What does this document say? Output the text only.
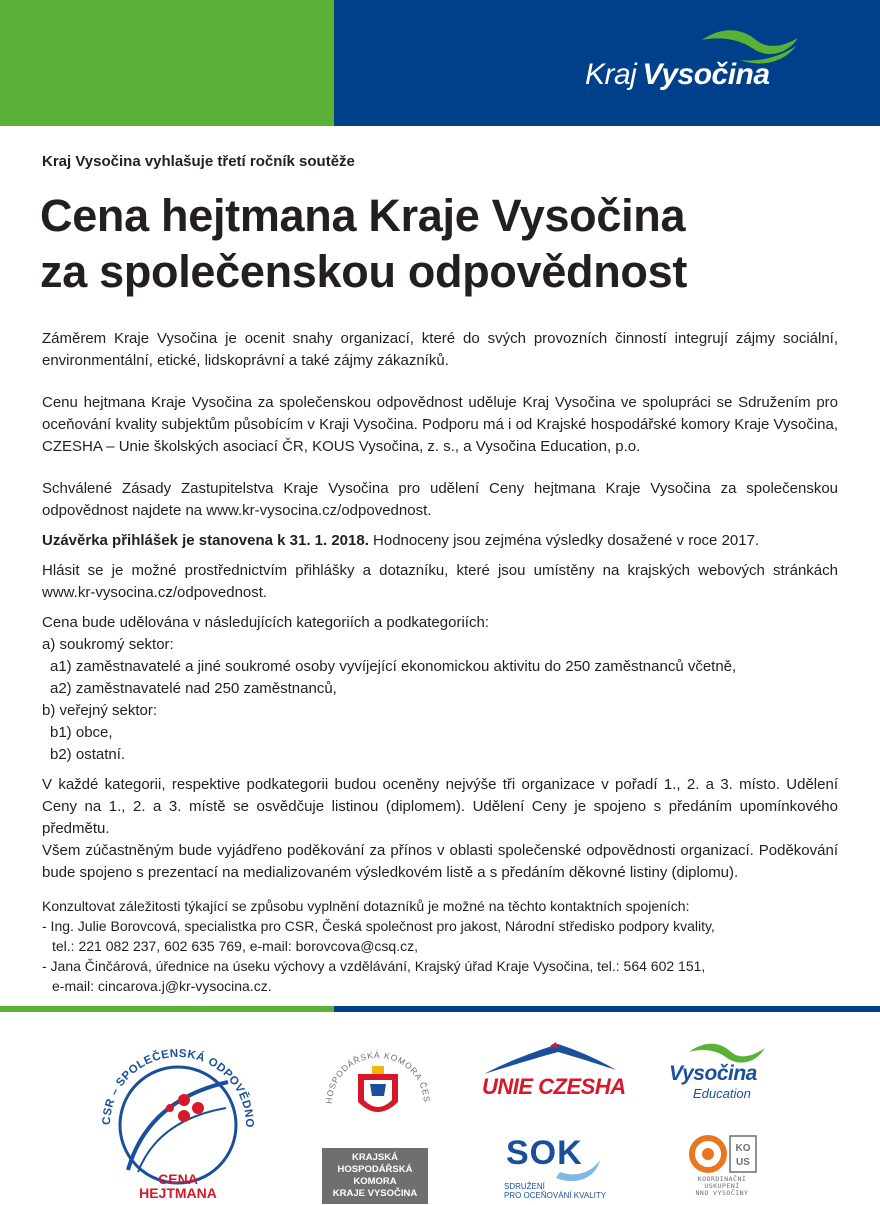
Kraj Vysočina
Kraj Vysočina vyhlašuje třetí ročník soutěže
Cena hejtmana Kraje Vysočina
za společenskou odpovědnost

Záměrem Kraje Vysočina je ocenit snahy organizací, které do svých provozních činností integrují zájmy sociální, environmentální, etické, lidskoprávní a také zájmy zákazníků.

Cenu hejtmana Kraje Vysočina za společenskou odpovědnost uděluje Kraj Vysočina ve spolupráci se Sdružením pro oceňování kvality subjektům působícím v Kraji Vysočina. Podporu má i od Krajské hospodářské komory Kraje Vysočina, CZESHA – Unie školských asociací ČR, KOUS Vysočina, z. s., a Vysočina Education, p.o.

Schválené Zásady Zastupitelstva Kraje Vysočina pro udělení Ceny hejtmana Kraje Vysočina za společenskou odpovědnost najdete na www.kr-vysocina.cz/odpovednost.

Uzávěrka přihlášek je stanovena k 31. 1. 2018. Hodnoceny jsou zejména výsledky dosažené v roce 2017.

Hlásit se je možné prostřednictvím přihlášky a dotazníku, které jsou umístěny na krajských webových stránkách www.kr-vysocina.cz/odpovednost.

Cena bude udělována v následujících kategoriích a podkategoriích:
a) soukromý sektor:
a1) zaměstnavatelé a jiné soukromé osoby vyvíjející ekonomickou aktivitu do 250 zaměstnanců včetně,
a2) zaměstnavatelé nad 250 zaměstnanců,
b) veřejný sektor:
b1) obce,
b2) ostatní.

V každé kategorii, respektive podkategorii budou oceněny nejvýše tři organizace v pořadí 1., 2. a 3. místo. Udělení Ceny na 1., 2. a 3. místě se osvědčuje listinou (diplomem). Udělení Ceny je spojeno s předáním upomínkového předmětu.

Všem zúčastněným bude vyjádřeno poděkování za přínos v oblasti společenské odpovědnosti organizací. Poděkování bude spojeno s prezentací na medializovaném výsledkovém listě a s předáním děkovné listiny (diplomu).

Konzultovat záležitosti týkající se způsobu vyplnění dotazníků je možné na těchto kontaktních spojeních:
- Ing. Julie Borovcová, specialistka pro CSR, Česká společnost pro jakost, Národní středisko podpory kvality,
tel.: 221 082 237, 602 635 769, e-mail: borovcova@csq.cz,
- Jana Činčárová, úřednice na úseku výchovy a vzdělávání, Krajský úřad Kraje Vysočina, tel.: 564 602 151,
e-mail: cincarova.j@kr-vysocina.cz.
CSR – SPOLEČENSKÁ ODPOVĚDNO
CENA
HEJTMANA
HOSPODÁŘSKÁ KOMORA ČES
KRAJSKÁ
HOSPODÁŘSKÁ
KOMORA
KRAJE VYSOČINA
UNIE CZESHA
Vysočina
Education
SOK
SDRUŽENÍ
PRO OCEŇOVÁNÍ KVALITY
KO
US
KOORDINAČNÍ
USKUPENÍ
NNO VYSOČINY
